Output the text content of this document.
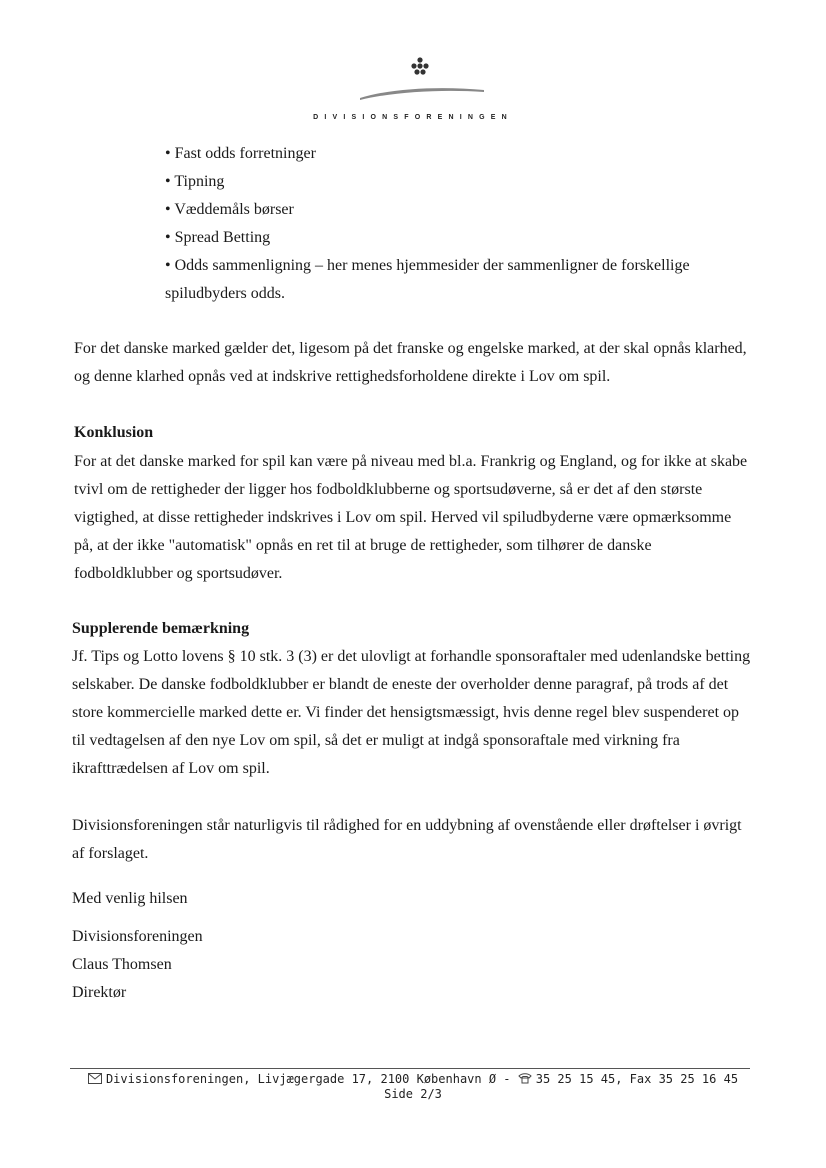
DIVISIONSFORENINGEN

• Fast odds forretninger

• Tipning

• Væddemåls børser

• Spread Betting

• Odds sammenligning – her menes hjemmesider der sammenligner de forskellige spiludbyders odds.

For det danske marked gælder det, ligesom på det franske og engelske marked, at der skal opnås klarhed, og denne klarhed opnås ved at indskrive rettighedsforholdene direkte i Lov om spil.

Konklusion

For at det danske marked for spil kan være på niveau med bl.a. Frankrig og England, og for ikke at skabe tvivl om de rettigheder der ligger hos fodboldklubberne og sportsudøverne, så er det af den største vigtighed, at disse rettigheder indskrives i Lov om spil. Herved vil spiludbyderne være opmærksomme på, at der ikke "automatisk" opnås en ret til at bruge de rettigheder, som tilhører de danske fodboldklubber og sportsudøver.

Supplerende bemærkning

Jf. Tips og Lotto lovens § 10 stk. 3 (3) er det ulovligt at forhandle sponsoraftaler med udenlandske betting selskaber. De danske fodboldklubber er blandt de eneste der overholder denne paragraf, på trods af det store kommercielle marked dette er. Vi finder det hensigtsmæssigt, hvis denne regel blev suspenderet op til vedtagelsen af den nye Lov om spil, så det er muligt at indgå sponsoraftale med virkning fra ikrafttrædelsen af Lov om spil.

Divisionsforeningen står naturligvis til rådighed for en uddybning af ovenstående eller drøftelser i øvrigt af forslaget.

Med venlig hilsen

Divisionsforeningen

Claus Thomsen

Direktør

Divisionsforeningen, Livjægergade 17, 2100 København Ø - 35 25 15 45, Fax 35 25 16 45
Side 2/3
